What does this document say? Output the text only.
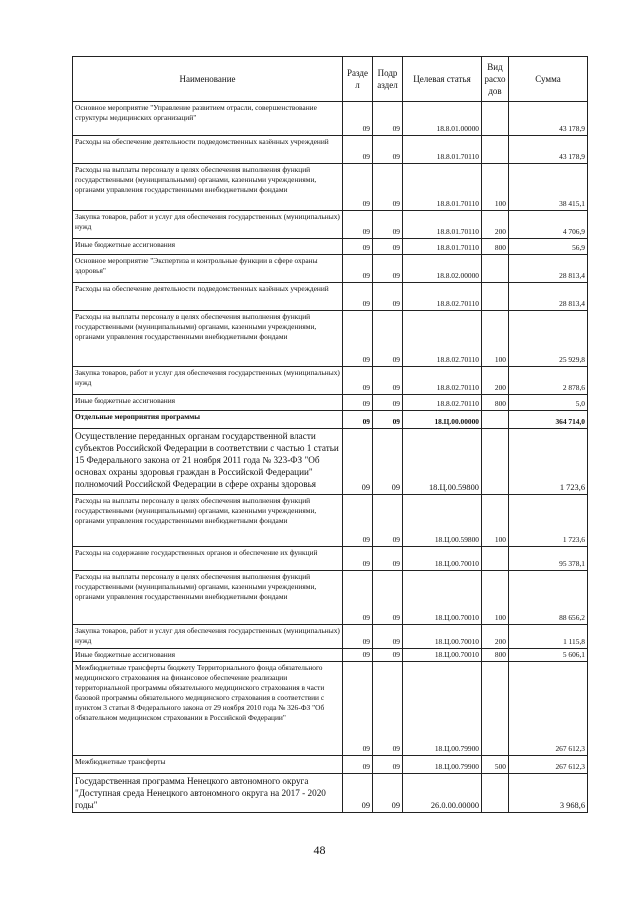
Наименование	Разде л	Подр аздел	Целевая статья	Вид расхо дов	Сумма
Основное мероприятие "Управление развитием отрасли, совершенствование структуры медицинских организаций"	09	09	18.8.01.00000		43 178,9
Расходы на обеспечение деятельности подведомственных казённых учреждений	09	09	18.8.01.70110		43 178,9
Расходы на выплаты персоналу в целях обеспечения выполнения функций государственными (муниципальными) органами, казенными учреждениями, органами управления государственными внебюджетными фондами	09	09	18.8.01.70110	100	38 415,1
Закупка товаров, работ и услуг для обеспечения государственных (муниципальных) нужд	09	09	18.8.01.70110	200	4 706,9
Иные бюджетные ассигнования	09	09	18.8.01.70110	800	56,9
Основное мероприятие "Экспертиза и контрольные функции в сфере охраны здоровья"	09	09	18.8.02.00000		28 813,4
Расходы на обеспечение деятельности подведомственных казённых учреждений	09	09	18.8.02.70110		28 813,4
Расходы на выплаты персоналу в целях обеспечения выполнения функций государственными (муниципальными) органами, казенными учреждениями, органами управления государственными внебюджетными фондами	09	09	18.8.02.70110	100	25 929,8
Закупка товаров, работ и услуг для обеспечения государственных (муниципальных) нужд	09	09	18.8.02.70110	200	2 878,6
Иные бюджетные ассигнования	09	09	18.8.02.70110	800	5,0
Отдельные мероприятия программы	09	09	18.Ц.00.00000		364 714,0
Осуществление переданных органам государственной власти субъектов Российской Федерации в соответствии с частью 1 статьи 15 Федерального закона от 21 ноября 2011 года № 323-ФЗ "Об основах охраны здоровья граждан в Российской Федерации" полномочий Российской Федерации в сфере охраны здоровья	09	09	18.Ц.00.59800		1 723,6
Расходы на выплаты персоналу в целях обеспечения выполнения функций государственными (муниципальными) органами, казенными учреждениями, органами управления государственными внебюджетными фондами	09	09	18.Ц.00.59800	100	1 723,6
Расходы на содержание государственных органов и обеспечение их функций	09	09	18.Ц.00.70010		95 378,1
Расходы на выплаты персоналу в целях обеспечения выполнения функций государственными (муниципальными) органами, казенными учреждениями, органами управления государственными внебюджетными фондами	09	09	18.Ц.00.70010	100	88 656,2
Закупка товаров, работ и услуг для обеспечения государственных (муниципальных) нужд	09	09	18.Ц.00.70010	200	1 115,8
Иные бюджетные ассигнования	09	09	18.Ц.00.70010	800	5 606,1
Межбюджетные трансферты бюджету Территориального фонда обязательного медицинского страхования на финансовое обеспечение реализации территориальной программы обязательного медицинского страхования в части базовой программы обязательного медицинского страхования в соответствии с пунктом 3 статьи 8 Федерального закона от 29 ноября 2010 года № 326-ФЗ "Об обязательном медицинском страховании в Российской Федерации"	09	09	18.Ц.00.79900		267 612,3
Межбюджетные трансферты	09	09	18.Ц.00.79900	500	267 612,3
Государственная программа Ненецкого автономного округа "Доступная среда Ненецкого автономного округа на 2017 - 2020 годы"	09	09	26.0.00.00000		3 968,6
48
